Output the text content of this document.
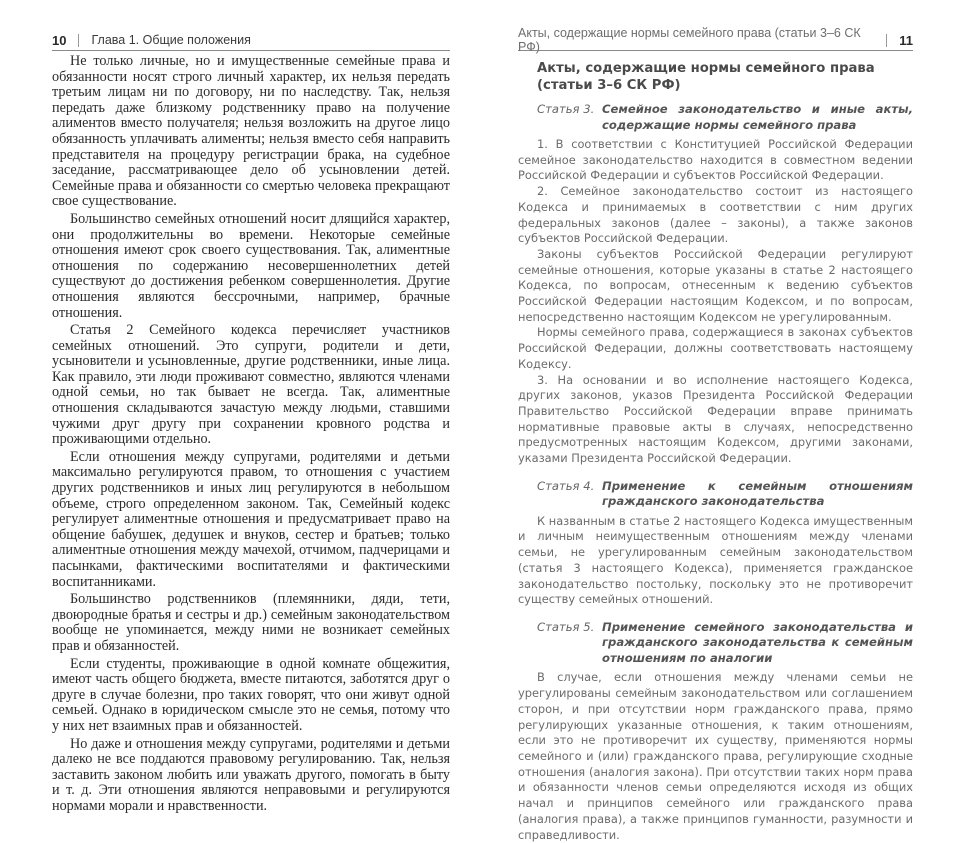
10 Глава 1. Общие положения

Не только личные, но и имущественные семейные права и обязанности носят строго личный характер, их нельзя передать третьим лицам ни по договору, ни по наследству. Так, нельзя передать даже близкому родственнику право на получение алиментов вместо получателя; нельзя возложить на другое лицо обязанность уплачивать алименты; нельзя вместо себя направить представителя на процедуру регистрации брака, на судебное заседание, рассматривающее дело об усыновлении детей. Семейные права и обязанности со смертью человека прекращают свое существование.

Большинство семейных отношений носит длящийся характер, они продолжительны во времени. Некоторые семейные отношения имеют срок своего существования. Так, алиментные отношения по содержанию несовершеннолетних детей существуют до достижения ребенком совершеннолетия. Другие отношения являются бессрочными, например, брачные отношения.

Статья 2 Семейного кодекса перечисляет участников семейных отношений. Это супруги, родители и дети, усыновители и усыновленные, другие родственники, иные лица. Как правило, эти люди проживают совместно, являются членами одной семьи, но так бывает не всегда. Так, алиментные отношения складываются зачастую между людьми, ставшими чужими друг другу при сохранении кровного родства и проживающими отдельно.

Если отношения между супругами, родителями и детьми максимально регулируются правом, то отношения с участием других родственников и иных лиц регулируются в небольшом объеме, строго определенном законом. Так, Семейный кодекс регулирует алиментные отношения и предусматривает право на общение бабушек, дедушек и внуков, сестер и братьев; только алиментные отношения между мачехой, отчимом, падчерицами и пасынками, фактическими воспитателями и фактическими воспитанниками.

Большинство родственников (племянники, дяди, тети, двоюродные братья и сестры и др.) семейным законодательством вообще не упоминается, между ними не возникает семейных прав и обязанностей.

Если студенты, проживающие в одной комнате общежития, имеют часть общего бюджета, вместе питаются, заботятся друг о друге в случае болезни, про таких говорят, что они живут одной семьей. Однако в юридическом смысле это не семья, потому что у них нет взаимных прав и обязанностей.

Но даже и отношения между супругами, родителями и детьми далеко не все поддаются правовому регулированию. Так, нельзя заставить законом любить или уважать другого, помогать в быту и т. д. Эти отношения являются неправовыми и регулируются нормами морали и нравственности.

Акты, содержащие нормы семейного права (статьи 3–6 СК РФ)	11
Акты, содержащие нормы семейного права
(статьи 3–6 СК РФ)
Статья 3. Семейное законодательство и иные акты, содержащие нормы семейного права

1. В соответствии с Конституцией Российской Федерации семейное законодательство находится в совместном ведении Российской Федерации и субъектов Российской Федерации.

2. Семейное законодательство состоит из настоящего Кодекса и принимаемых в соответствии с ним других федеральных законов (далее – законы), а также законов субъектов Российской Федерации.

Законы субъектов Российской Федерации регулируют семейные отношения, которые указаны в статье 2 настоящего Кодекса, по вопросам, отнесенным к ведению субъектов Российской Федерации настоящим Кодексом, и по вопросам, непосредственно настоящим Кодексом не урегулированным.

Нормы семейного права, содержащиеся в законах субъектов Российской Федерации, должны соответствовать настоящему Кодексу.

3. На основании и во исполнение настоящего Кодекса, других законов, указов Президента Российской Федерации Правительство Российской Федерации вправе принимать нормативные правовые акты в случаях, непосредственно предусмотренных настоящим Кодексом, другими законами, указами Президента Российской Федерации.

Статья 4. Применение к семейным отношениям гражданского законодательства

К названным в статье 2 настоящего Кодекса имущественным и личным неимущественным отношениям между членами семьи, не урегулированным семейным законодательством (статья 3 настоящего Кодекса), применяется гражданское законодательство постольку, поскольку это не противоречит существу семейных отношений.

Статья 5. Применение семейного законодательства и гражданского законодательства к семейным отношениям по аналогии

В случае, если отношения между членами семьи не урегулированы семейным законодательством или соглашением сторон, и при отсутствии норм гражданского права, прямо регулирующих указанные отношения, к таким отношениям, если это не противоречит их существу, применяются нормы семейного и (или) гражданского права, регулирующие сходные отношения (аналогия закона). При отсутствии таких норм права и обязанности членов семьи определяются исходя из общих начал и принципов семейного или гражданского права (аналогия права), а также принципов гуманности, разумности и справедливости.
